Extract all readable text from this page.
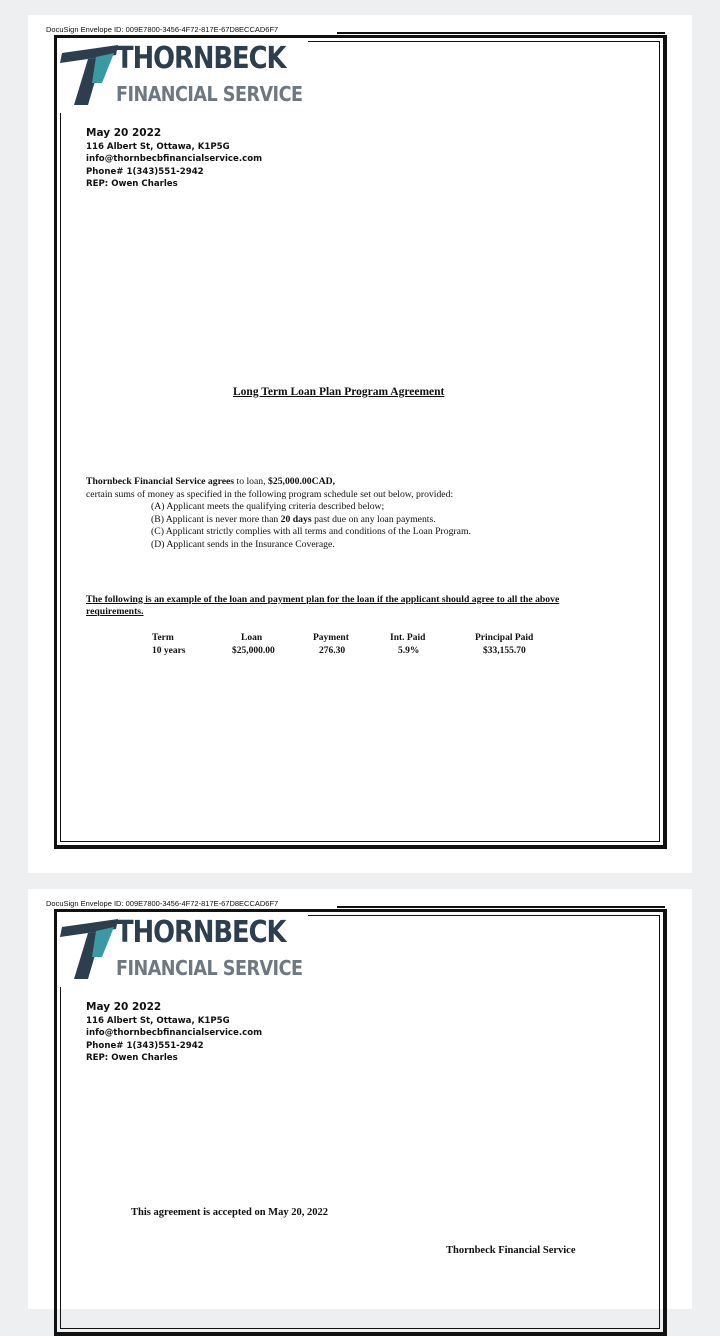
DocuSign Envelope ID: 009E7800-3456-4F72-817E-67D8ECCAD6F7
THORNBECK
FINANCIAL SERVICE
May 20 2022
116 Albert St, Ottawa, K1P5G
info@thornbecbfinancialservice.com
Phone# 1(343)551-2942
REP: Owen Charles
Long Term Loan Plan Program Agreement
Thornbeck Financial Service agrees to loan, $25,000.00CAD,
certain sums of money as specified in the following program schedule set out below, provided:
(A) Applicant meets the qualifying criteria described below;
(B) Applicant is never more than 20 days past due on any loan payments.
(C) Applicant strictly complies with all terms and conditions of the Loan Program.
(D) Applicant sends in the Insurance Coverage.
The following is an example of the loan and payment plan for the loan if the applicant should agree to all the above
requirements.
Term	Loan	Payment	Int. Paid	Principal Paid
10 years	$25,000.00	276.30	5.9%	$33,155.70
DocuSign Envelope ID: 009E7800-3456-4F72-817E-67D8ECCAD6F7
THORNBECK
FINANCIAL SERVICE
May 20 2022
116 Albert St, Ottawa, K1P5G
info@thornbecbfinancialservice.com
Phone# 1(343)551-2942
REP: Owen Charles
This agreement is accepted on May 20, 2022
Thornbeck Financial Service
